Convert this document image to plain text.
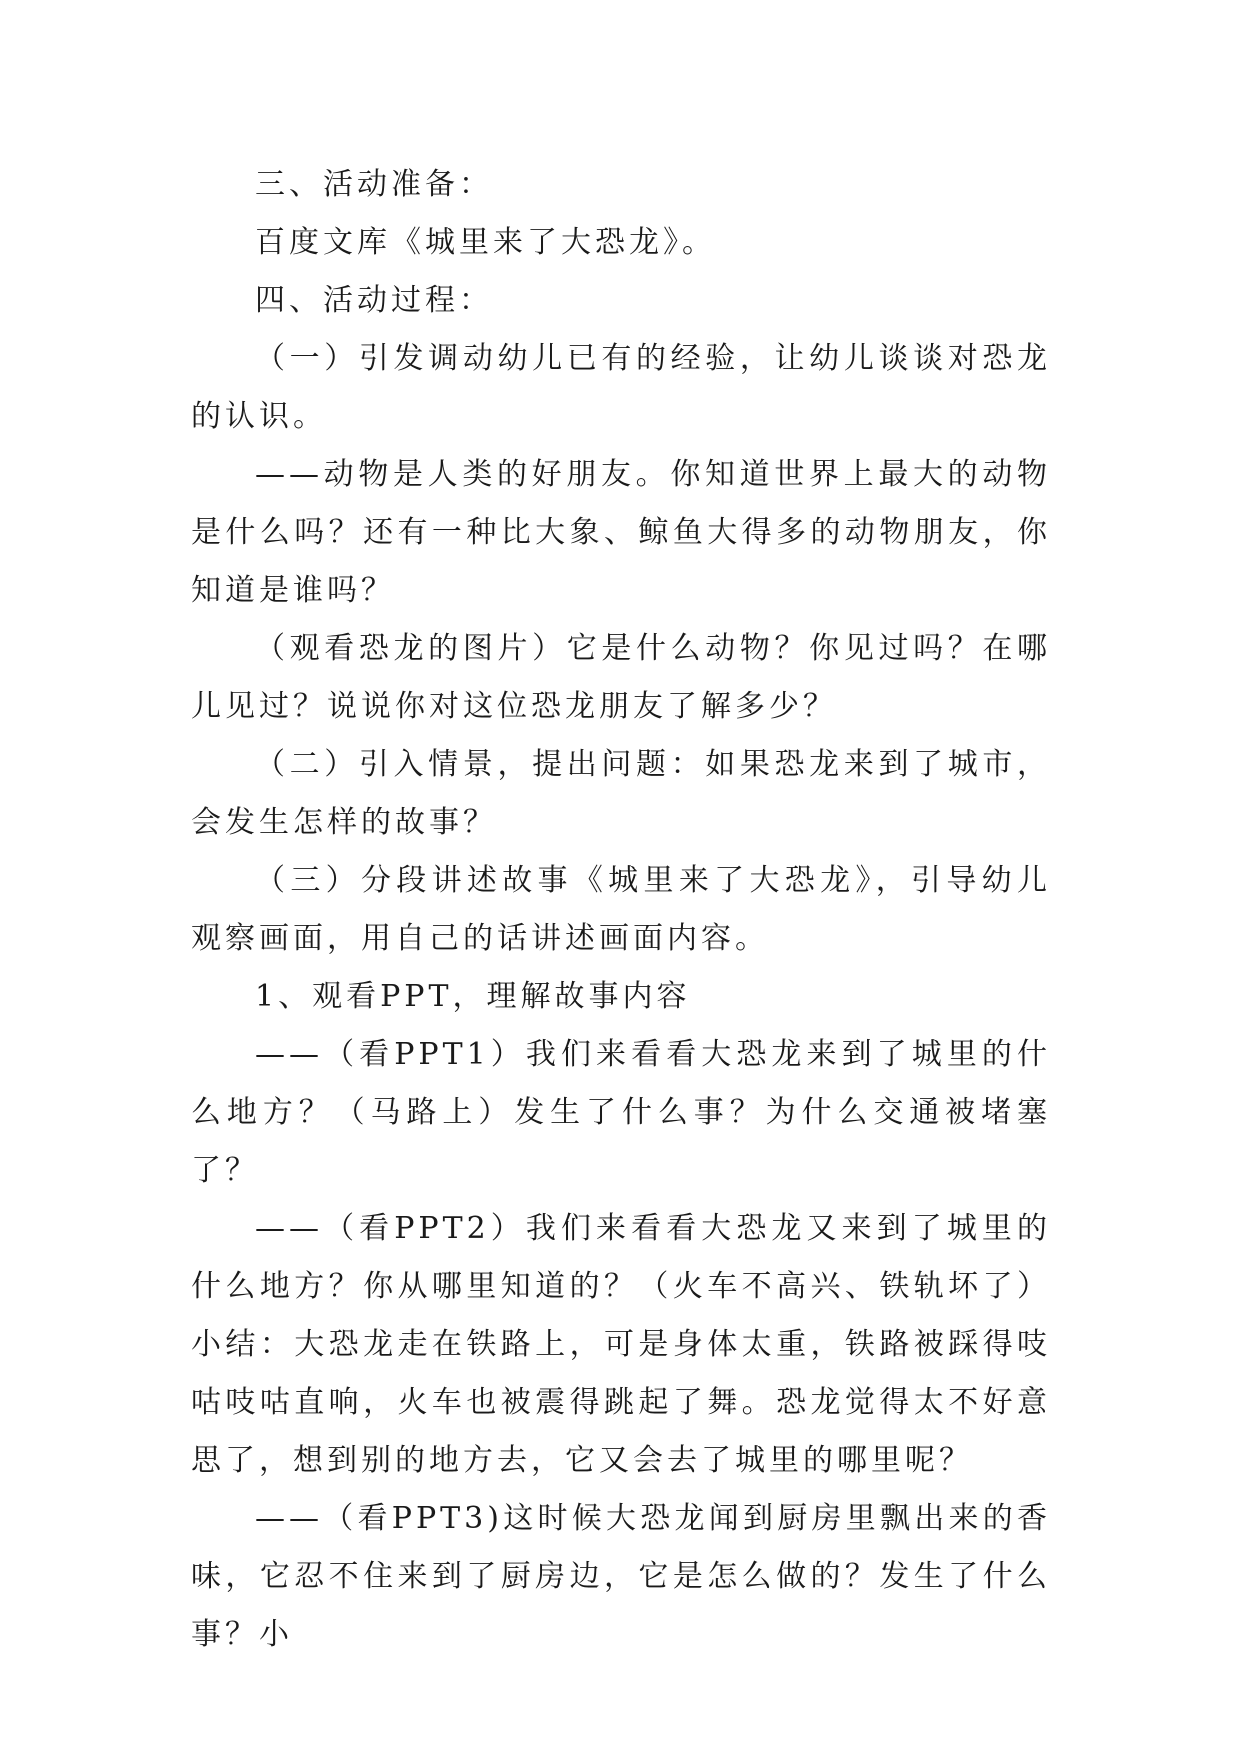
三、活动准备：

百度文库《城里来了大恐龙》。

四、活动过程：

（一）引发调动幼儿已有的经验，让幼儿谈谈对恐龙的认识。

——动物是人类的好朋友。你知道世界上最大的动物是什么吗？还有一种比大象、鲸鱼大得多的动物朋友，你知道是谁吗？

（观看恐龙的图片）它是什么动物？你见过吗？在哪儿见过？说说你对这位恐龙朋友了解多少？

（二）引入情景，提出问题：如果恐龙来到了城市，会发生怎样的故事？

（三）分段讲述故事《城里来了大恐龙》，引导幼儿观察画面，用自己的话讲述画面内容。

1、观看PPT，理解故事内容

——（看PPT1）我们来看看大恐龙来到了城里的什么地方？（马路上）发生了什么事？为什么交通被堵塞了？

——（看PPT2）我们来看看大恐龙又来到了城里的什么地方？你从哪里知道的？（火车不高兴、铁轨坏了）小结：大恐龙走在铁路上，可是身体太重，铁路被踩得吱咕吱咕直响，火车也被震得跳起了舞。恐龙觉得太不好意思了，想到别的地方去，它又会去了城里的哪里呢？

——（看PPT3)这时候大恐龙闻到厨房里飘出来的香味，它忍不住来到了厨房边，它是怎么做的？发生了什么事？小
